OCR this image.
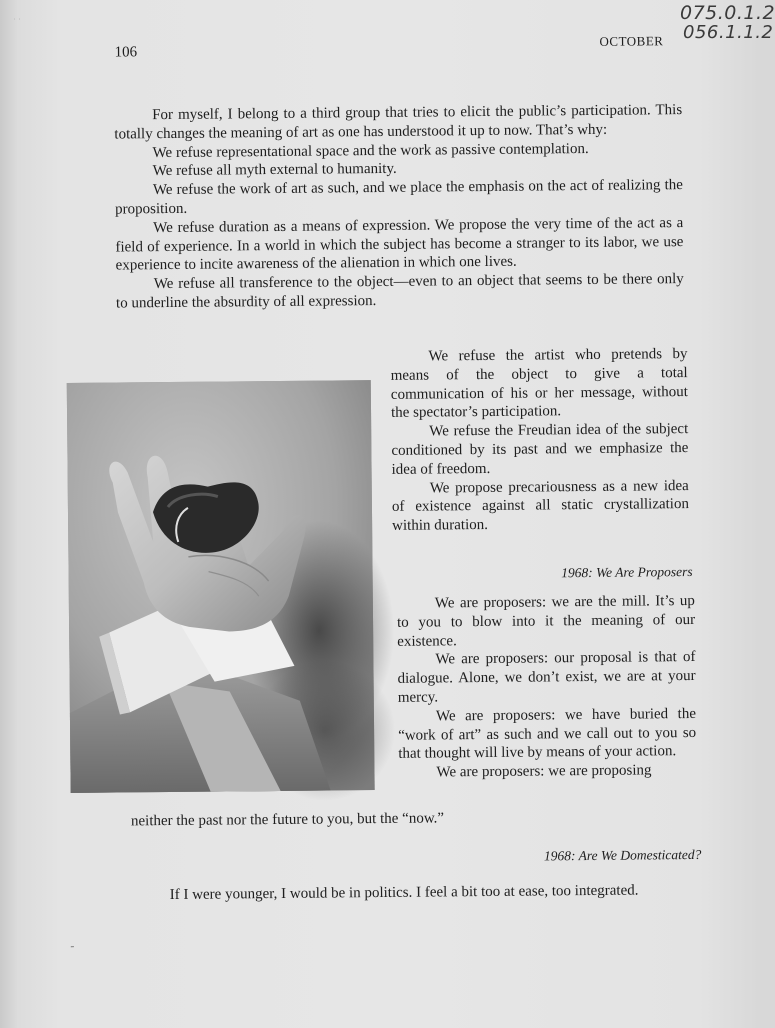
˙˙
106
OCTOBER

For myself, I belong to a third group that tries to elicit the public’s participation. This totally changes the meaning of art as one has understood it up to now. That’s why:

We refuse representational space and the work as passive contemplation.

We refuse all myth external to humanity.

We refuse the work of art as such, and we place the emphasis on the act of realizing the proposition.

We refuse duration as a means of expression. We propose the very time of the act as a field of experience. In a world in which the subject has become a stranger to its labor, we use experience to incite awareness of the alienation in which one lives.

We refuse all transference to the object—even to an object that seems to be there only to underline the absurdity of all expression.

We refuse the artist who pretends by means of the object to give a total communication of his or her message, without the spectator’s participation.

We refuse the Freudian idea of the subject conditioned by its past and we emphasize the idea of freedom.

We propose precariousness as a new idea of existence against all static crystallization within duration.

1968: We Are Proposers

We are proposers: we are the mill. It’s up to you to blow into it the meaning of our existence.

We are proposers: our proposal is that of dialogue. Alone, we don’t exist, we are at your mercy.

We are proposers: we have buried the “work of art” as such and we call out to you so that thought will live by means of your action.

We are proposers: we are proposing

neither the past nor the future to you, but the “now.”

1968: Are We Domesticated?

If I were younger, I would be in politics. I feel a bit too at ease, too integrated.

‐
075.0.1.2
056.1.1.2
